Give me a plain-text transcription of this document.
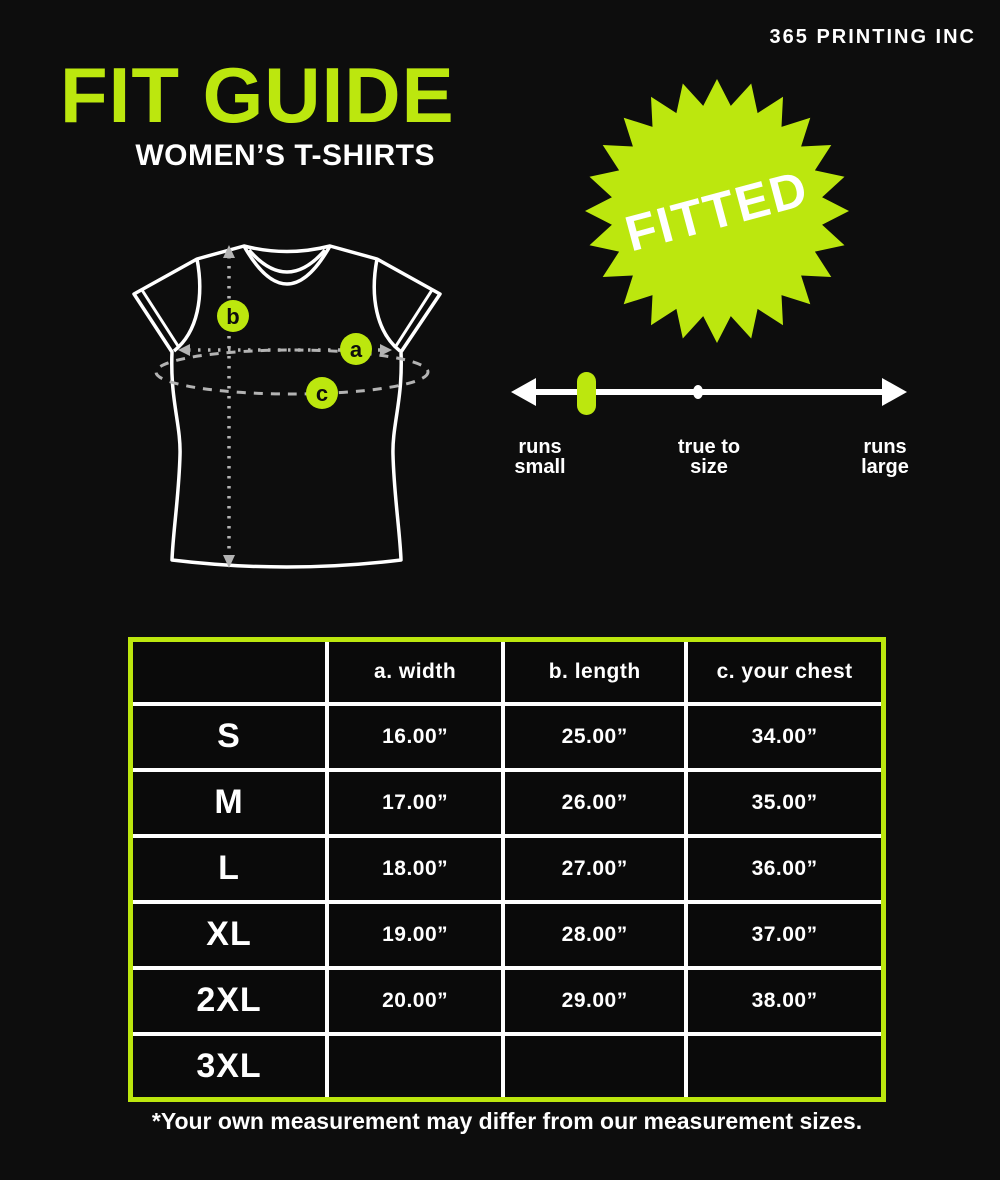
365 PRINTING INC
FIT GUIDE
WOMEN’S T-SHIRTS
b
a
c
FITTED
runs
small
true to
size
runs
large
	a. width	b. length	c. your chest
S	16.00”	25.00”	34.00”
M	17.00”	26.00”	35.00”
L	18.00”	27.00”	36.00”
XL	19.00”	28.00”	37.00”
2XL	20.00”	29.00”	38.00”
3XL			
*Your own measurement may differ from our measurement sizes.
